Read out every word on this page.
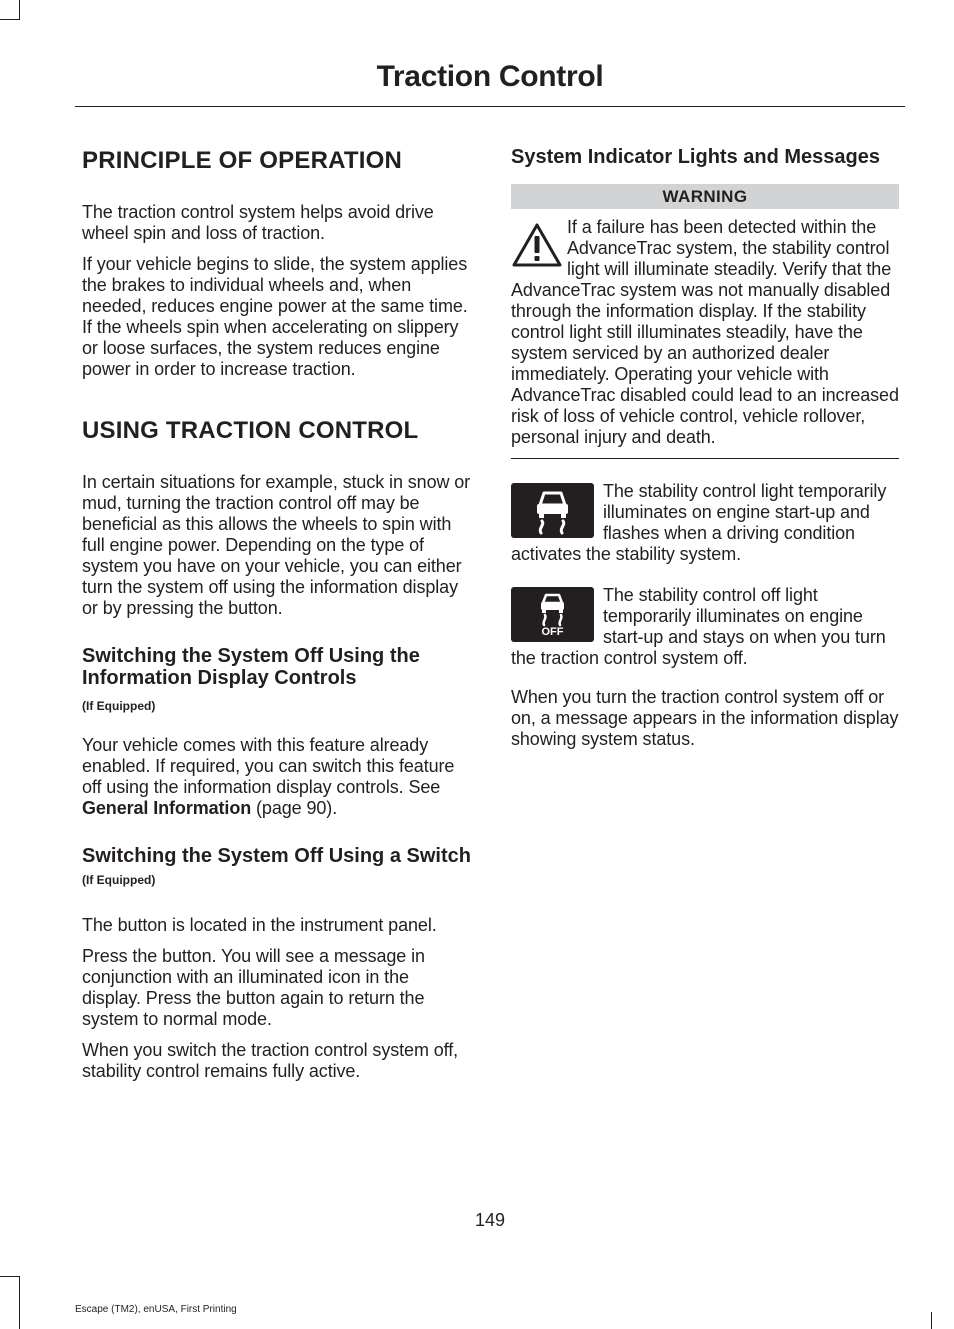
Traction Control
PRINCIPLE OF OPERATION

The traction control system helps avoid drive wheel spin and loss of traction.

If your vehicle begins to slide, the system applies the brakes to individual wheels and, when needed, reduces engine power at the same time. If the wheels spin when accelerating on slippery or loose surfaces, the system reduces engine power in order to increase traction.

USING TRACTION CONTROL

In certain situations for example, stuck in snow or mud, turning the traction control off may be beneficial as this allows the wheels to spin with full engine power. Depending on the type of system you have on your vehicle, you can either turn the system off using the information display or by pressing the button.

Switching the System Off Using the Information Display Controls
(If Equipped)

Your vehicle comes with this feature already enabled. If required, you can switch this feature off using the information display controls. See General Information (page 90).

Switching the System Off Using a Switch (If Equipped)

The button is located in the instrument panel.

Press the button. You will see a message in conjunction with an illuminated icon in the display. Press the button again to return the system to normal mode.

When you switch the traction control system off, stability control remains fully active.

System Indicator Lights and Messages
WARNING

If a failure has been detected within the AdvanceTrac system, the stability control light will illuminate steadily. Verify that the AdvanceTrac system was not manually disabled through the information display. If the stability control light still illuminates steadily, have the system serviced by an authorized dealer immediately. Operating your vehicle with AdvanceTrac disabled could lead to an increased risk of loss of vehicle control, vehicle rollover, personal injury and death.

The stability control light temporarily illuminates on engine start-up and flashes when a driving condition activates the stability system.

OFF

The stability control off light temporarily illuminates on engine start-up and stays on when you turn the traction control system off.

When you turn the traction control system off or on, a message appears in the information display showing system status.

149
Escape (TM2), enUSA, First Printing
